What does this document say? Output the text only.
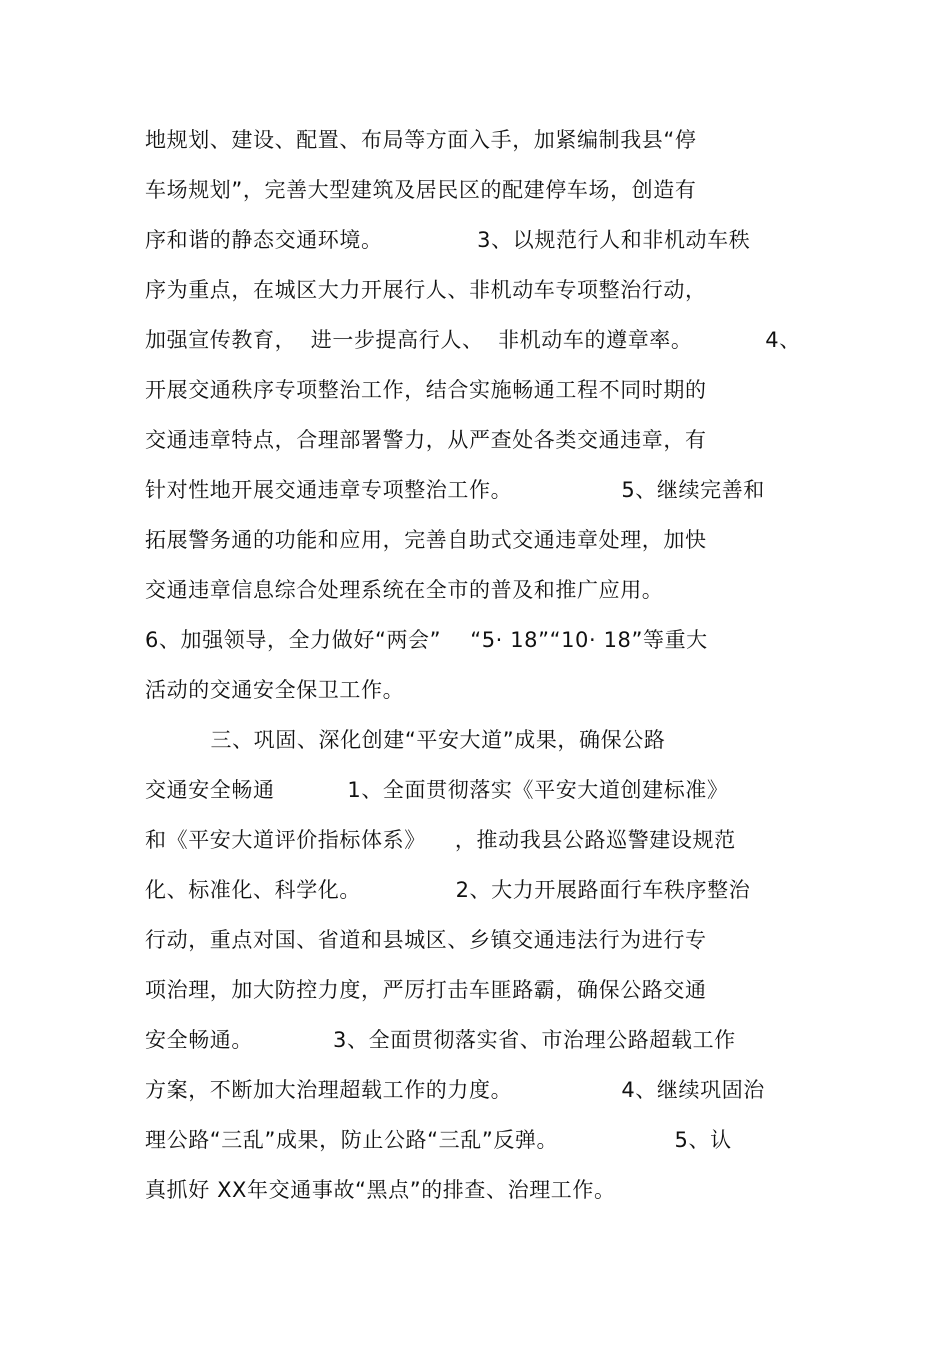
地规划、建设、配置、布局等方面入手，加紧编制我县“停
车场规划”，完善大型建筑及居民区的配建停车场，创造有
序和谐的静态交通环境。             3、以规范行人和非机动车秩
序为重点，在城区大力开展行人、非机动车专项整治行动，
加强宣传教育，  进一步提高行人、  非机动车的遵章率。          4、
开展交通秩序专项整治工作，结合实施畅通工程不同时期的
交通违章特点，合理部署警力，从严查处各类交通违章，有
针对性地开展交通违章专项整治工作。               5、继续完善和
拓展警务通的功能和应用，完善自助式交通违章处理，加快
交通违章信息综合处理系统在全市的普及和推广应用。
6、加强领导，全力做好“两会”    “5· 18”“10· 18”等重大
活动的交通安全保卫工作。
三、巩固、深化创建“平安大道”成果，确保公路
交通安全畅通          1、全面贯彻落实《平安大道创建标准》
和《平安大道评价指标体系》    ，推动我县公路巡警建设规范
化、标准化、科学化。             2、大力开展路面行车秩序整治
行动，重点对国、省道和县城区、乡镇交通违法行为进行专
项治理，加大防控力度，严厉打击车匪路霸，确保公路交通
安全畅通。           3、全面贯彻落实省、市治理公路超载工作
方案，不断加大治理超载工作的力度。               4、继续巩固治
理公路“三乱”成果，防止公路“三乱”反弹。                5、认
真抓好 XX年交通事故“黑点”的排查、治理工作。
